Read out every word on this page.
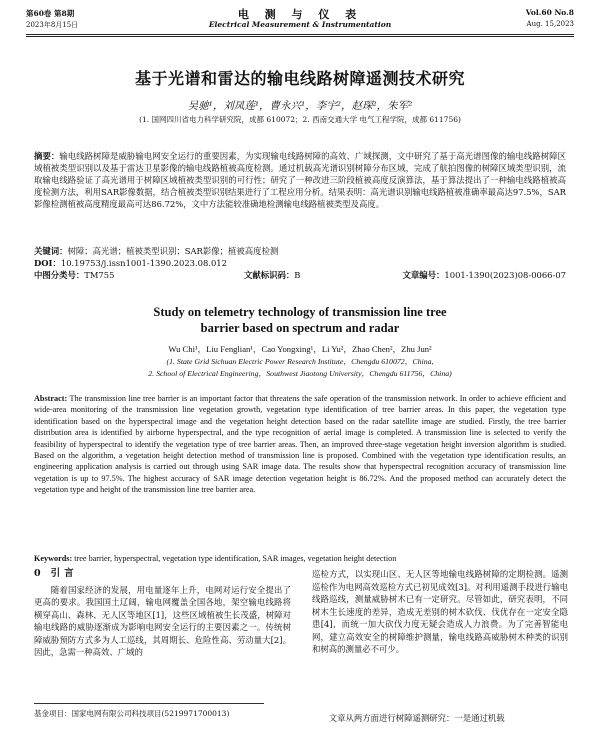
第60卷 第8期
2023年8月15日
电 测 与 仪 表
Electrical Measurement & Instrumentation
Vol.60 No.8
Aug. 15,2023
基于光谱和雷达的输电线路树障遥测技术研究
吴驰¹，刘凤莲¹，曹永兴¹，李宇²，赵琛²，朱军²
(1. 国网四川省电力科学研究院，成都 610072；2. 西南交通大学 电气工程学院，成都 611756)
摘要：输电线路树障是威胁输电网安全运行的重要因素，为实现输电线路树障的高效、广域探测，文中研究了基于高光谱图像的输电线路树障区域植被类型识别以及基于雷达卫星影像的输电线路植被高度检测。通过机载高光谱识别树障分布区域，完成了航拍图像的树障区域类型识别，流取输电线路验证了高光谱用于树障区域植被类型识别的可行性；研究了一种改进三阶段植被高度反演算法，基于算法提出了一种输电线路植被高度检测方法，利用SAR影像数据，结合植被类型识别结果进行了工程应用分析。结果表明：高光谱识别输电线路植被准确率最高达97.5%，SAR影像检测植被高度精度最高可达86.72%，文中方法能较准确地检测输电线路植被类型及高度。
关键词：树障；高光谱；植被类型识别；SAR影像；植被高度检测
DOI：10.19753/j.issn1001-1390.2023.08.012
中图分类号：TM755	文献标识码：B	文章编号：1001-1390(2023)08-0066-07
Study on telemetry technology of transmission line tree barrier based on spectrum and radar
Wu Chi¹，Liu Fenglian¹，Cao Yongxing¹，Li Yu²，Zhao Chen²，Zhu Jun²
(1. State Grid Sichuan Electric Power Research Institute，Chengdu 610072，China,
2. School of Electrical Engineering，Southwest Jiaotong University，Chengdu 611756，China)
Abstract: The transmission line tree barrier is an important factor that threatens the safe operation of the transmission network. In order to achieve efficient and wide-area monitoring of the transmission line vegetation growth, vegetation type identification of tree barrier areas. In this paper, the vegetation type identification based on the hyperspectral image and the vegetation height detection based on the radar satellite image are studied. Firstly, the tree barrier distribution area is identified by airborne hyperspectral, and the type recognition of aerial image is completed. A transmission line is selected to verify the feasibility of hyperspectral to identify the vegetation type of tree barrier areas. Then, an improved three-stage vegetation height inversion algorithm is studied. Based on the algorithm, a vegetation height detection method of transmission line is proposed. Combined with the vegetation type identification results, an engineering application analysis is carried out through using SAR image data. The results show that hyperspectral recognition accuracy of transmission line vegetation is up to 97.5%. The highest accuracy of SAR image detection vegetation height is 86.72%. And the proposed method can accurately detect the vegetation type and height of the transmission line tree barrier area.
Keywords: tree barrier, hyperspectral, vegetation type identification, SAR images, vegetation height detection
0 引言
随着国家经济的发展，用电量逐年上升，电网对运行安全提出了更高的要求。我国国土辽阔，输电网覆盖全国各地，架空输电线路将横穿高山、森林、无人区等地区[1]，这些区域植被生长茂盛，树障对输电线路的威胁逐渐成为影响电网安全运行的主要因素之一。传统树障威胁预防方式多为人工巡线，其周期长、危险性高、劳动量大[2]。因此，急需一种高效、广域的
巡检方式，以实现山区、无人区等地输电线路树障的定期检测。遥测巡检作为电网高效巡检方式已初见成效[3]。对利用遥测手段进行输电线路巡线，测量威胁树木已有一定研究。尽管如此，研究表明，不同树木生长速度的差异，造成无差别的树木砍伐、伐优存在一定安全隐患[4]，而统一加大砍伐力度无疑会造成人力浪费。为了完善智能电网，建立高效安全的树障维护测量，输电线路高威胁树木种类的识别和树高的测量必不可少。
文章从两方面进行树障遥测研究：一是通过机载
基金项目：国家电网有限公司科技项目(5219971700013)
